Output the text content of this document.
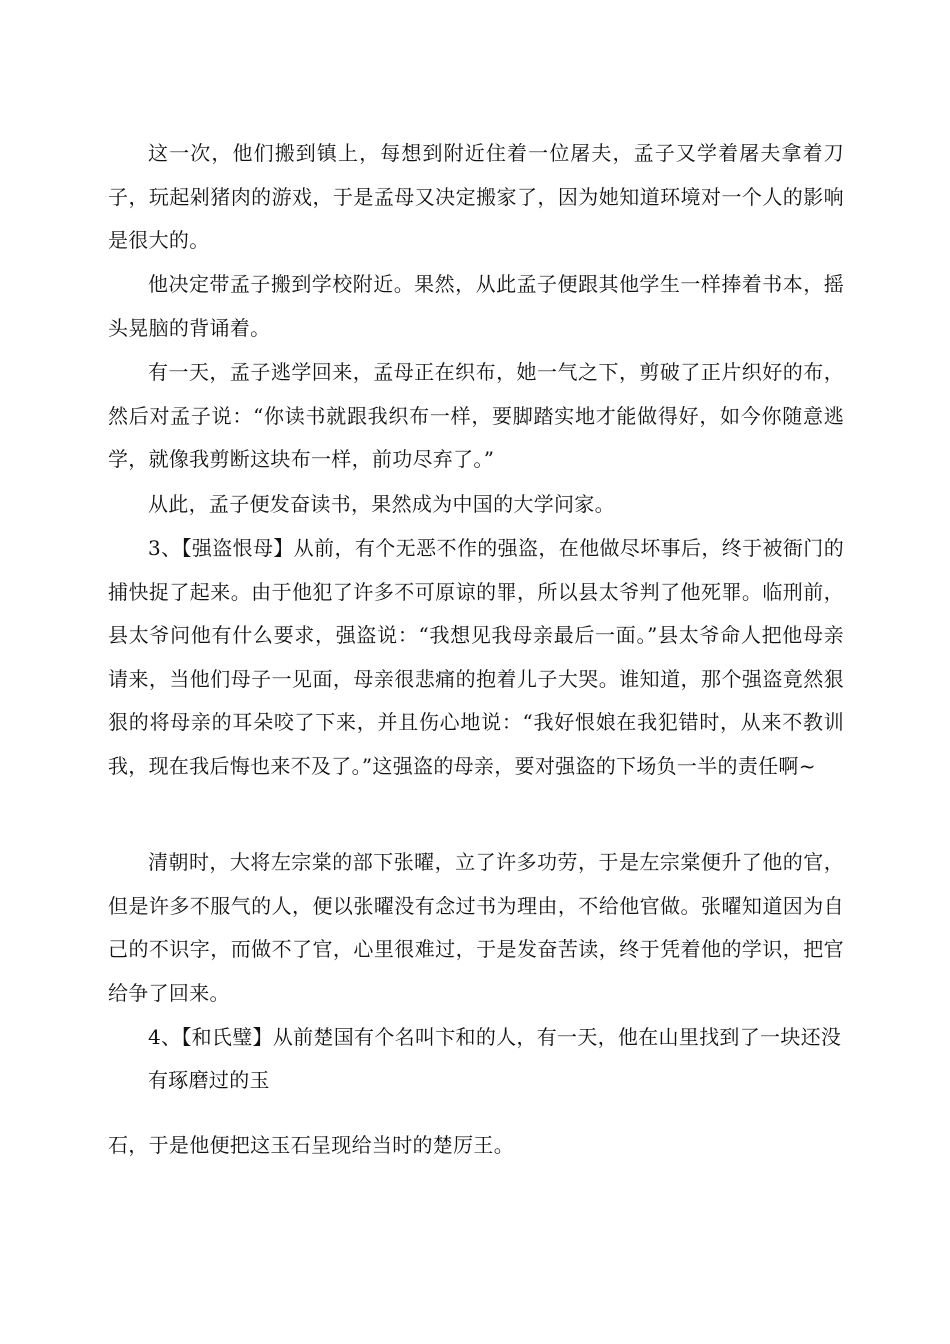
这一次，他们搬到镇上，每想到附近住着一位屠夫，孟子又学着屠夫拿着刀子，玩起剁猪肉的游戏，于是孟母又决定搬家了，因为她知道环境对一个人的影响是很大的。

他决定带孟子搬到学校附近。果然，从此孟子便跟其他学生一样捧着书本，摇头晃脑的背诵着。

有一天，孟子逃学回来，孟母正在织布，她一气之下，剪破了正片织好的布，然后对孟子说：“你读书就跟我织布一样，要脚踏实地才能做得好，如今你随意逃学，就像我剪断这块布一样，前功尽弃了。”

从此，孟子便发奋读书，果然成为中国的大学问家。

3、【强盗恨母】从前，有个无恶不作的强盗，在他做尽坏事后，终于被衙门的捕快捉了起来。由于他犯了许多不可原谅的罪，所以县太爷判了他死罪。临刑前，县太爷问他有什么要求，强盗说：“我想见我母亲最后一面。”县太爷命人把他母亲请来，当他们母子一见面，母亲很悲痛的抱着儿子大哭。谁知道，那个强盗竟然狠狠的将母亲的耳朵咬了下来，并且伤心地说：“我好恨娘在我犯错时，从来不教训我，现在我后悔也来不及了。”这强盗的母亲，要对强盗的下场负一半的责任啊~

清朝时，大将左宗棠的部下张曜，立了许多功劳，于是左宗棠便升了他的官，但是许多不服气的人，便以张曜没有念过书为理由，不给他官做。张曜知道因为自己的不识字，而做不了官，心里很难过，于是发奋苦读，终于凭着他的学识，把官给争了回来。

4、【和氏璧】从前楚国有个名叫卞和的人，有一天，他在山里找到了一块还没

有琢磨过的玉

石，于是他便把这玉石呈现给当时的楚厉王。
